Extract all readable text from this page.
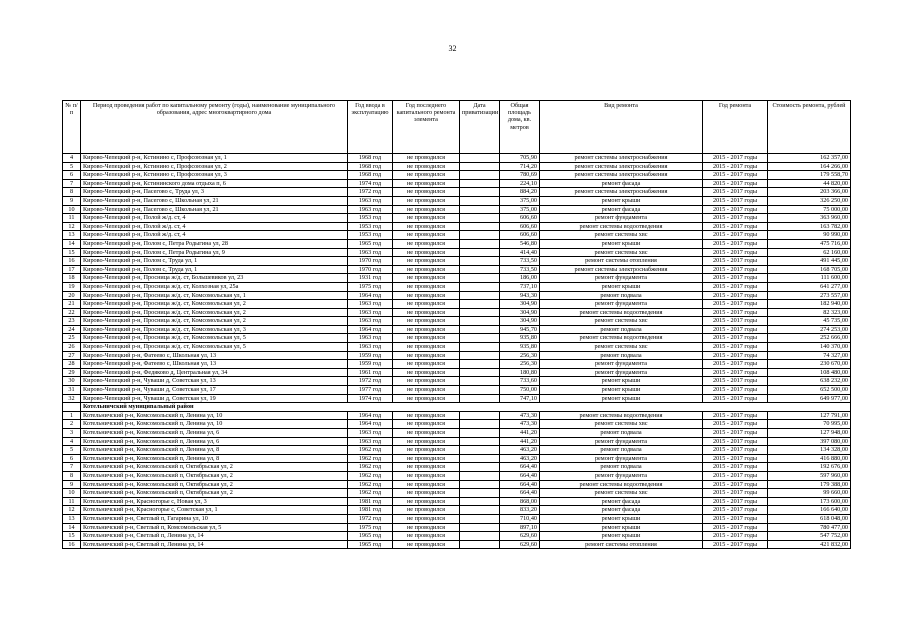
32
№ п/п	Период проведения работ по капитальному ремонту (годы), наименование муниципального образования, адрес многоквартирного дома	Год ввода в эксплуатацию	Год последнего капитального ремонта элемента	Дата приватизации	Общая площадь дома, кв. метров	Вид ремонта	Год ремонта	Стоимость ремонта, рублей
4	Кирово-Чепецкий р-н, Кстинино с, Профсоюзная ул, 1	1968 год	не проводился		705,90	ремонт системы электроснабжения	2015 - 2017 годы	162 357,00
5	Кирово-Чепецкий р-н, Кстинино с, Профсоюзная ул, 2	1968 год	не проводился		714,20	ремонт системы электроснабжения	2015 - 2017 годы	164 266,00
6	Кирово-Чепецкий р-н, Кстинино с, Профсоюзная ул, 3	1968 год	не проводился		780,69	ремонт системы электроснабжения	2015 - 2017 годы	179 558,70
7	Кирово-Чепецкий р-н, Кстининского дома отдыха п, 6	1974 год	не проводился		224,10	ремонт фасада	2015 - 2017 годы	44 820,00
8	Кирово-Чепецкий р-н, Пасегово с, Труда ул, 3	1972 год	не проводился		884,20	ремонт системы электроснабжения	2015 - 2017 годы	203 366,00
9	Кирово-Чепецкий р-н, Пасегово с, Школьная ул, 21	1963 год	не проводился		375,00	ремонт крыши	2015 - 2017 годы	326 250,00
10	Кирово-Чепецкий р-н, Пасегово с, Школьная ул, 21	1963 год	не проводился		375,00	ремонт фасада	2015 - 2017 годы	75 000,00
11	Кирово-Чепецкий р-н, Полой ж/д. ст, 4	1953 год	не проводился		606,60	ремонт фундамента	2015 - 2017 годы	363 960,00
12	Кирово-Чепецкий р-н, Полой ж/д. ст, 4	1953 год	не проводился		606,60	ремонт системы водоотведения	2015 - 2017 годы	163 782,00
13	Кирово-Чепецкий р-н, Полой ж/д. ст, 4	1953 год	не проводился		606,60	ремонт системы хвс	2015 - 2017 годы	90 990,00
14	Кирово-Чепецкий р-н, Полом с, Петра Родыгина ул, 28	1965 год	не проводился		546,80	ремонт крыши	2015 - 2017 годы	475 716,00
15	Кирово-Чепецкий р-н, Полом с, Петра Родыгина ул, 9	1963 год	не проводился		414,40	ремонт системы хвс	2015 - 2017 годы	62 160,00
16	Кирово-Чепецкий р-н, Полом с, Труда ул, 1	1970 год	не проводился		733,50	ремонт системы отопления	2015 - 2017 годы	491 445,00
17	Кирово-Чепецкий р-н, Полом с, Труда ул, 1	1970 год	не проводился		733,50	ремонт системы электроснабжения	2015 - 2017 годы	168 705,00
18	Кирово-Чепецкий р-н, Просница ж/д. ст, Большевиков ул, 23	1931 год	не проводился		186,00	ремонт фундамента	2015 - 2017 годы	111 600,00
19	Кирово-Чепецкий р-н, Просница ж/д. ст, Колхозная ул, 25а	1975 год	не проводился		737,10	ремонт крыши	2015 - 2017 годы	641 277,00
20	Кирово-Чепецкий р-н, Просница ж/д. ст, Комсомольская ул, 1	1964 год	не проводился		943,30	ремонт подвала	2015 - 2017 годы	273 557,00
21	Кирово-Чепецкий р-н, Просница ж/д. ст, Комсомольская ул, 2	1963 год	не проводился		304,90	ремонт фундамента	2015 - 2017 годы	182 940,00
22	Кирово-Чепецкий р-н, Просница ж/д. ст, Комсомольская ул, 2	1963 год	не проводился		304,90	ремонт системы водоотведения	2015 - 2017 годы	82 323,00
23	Кирово-Чепецкий р-н, Просница ж/д. ст, Комсомольская ул, 2	1963 год	не проводился		304,90	ремонт системы хвс	2015 - 2017 годы	45 735,00
24	Кирово-Чепецкий р-н, Просница ж/д. ст, Комсомольская ул, 3	1964 год	не проводился		945,70	ремонт подвала	2015 - 2017 годы	274 253,00
25	Кирово-Чепецкий р-н, Просница ж/д. ст, Комсомольская ул, 5	1963 год	не проводился		935,80	ремонт системы водоотведения	2015 - 2017 годы	252 666,00
26	Кирово-Чепецкий р-н, Просница ж/д. ст, Комсомольская ул, 5	1963 год	не проводился		935,80	ремонт системы хвс	2015 - 2017 годы	140 370,00
27	Кирово-Чепецкий р-н, Фатеево с, Школьная ул, 13	1959 год	не проводился		256,30	ремонт подвала	2015 - 2017 годы	74 327,00
28	Кирово-Чепецкий р-н, Фатеево с, Школьная ул, 13	1959 год	не проводился		256,30	ремонт фундамента	2015 - 2017 годы	230 670,00
29	Кирово-Чепецкий р-н, Федяково д, Центральная ул, 34	1961 год	не проводился		180,80	ремонт фундамента	2015 - 2017 годы	108 480,00
30	Кирово-Чепецкий р-н, Чуваши д, Советская ул, 13	1972 год	не проводился		733,60	ремонт крыши	2015 - 2017 годы	638 232,00
31	Кирово-Чепецкий р-н, Чуваши д, Советская ул, 17	1977 год	не проводился		750,00	ремонт крыши	2015 - 2017 годы	652 500,00
32	Кирово-Чепецкий р-н, Чуваши д, Советская ул, 19	1974 год	не проводился		747,10	ремонт крыши	2015 - 2017 годы	649 977,00
	Котельничский муниципальный район							
1	Котельничский р-н, Комсомольский п, Ленина ул, 10	1964 год	не проводился		473,30	ремонт системы водоотведения	2015 - 2017 годы	127 791,00
2	Котельничский р-н, Комсомольский п, Ленина ул, 10	1964 год	не проводился		473,30	ремонт системы хвс	2015 - 2017 годы	70 995,00
3	Котельничский р-н, Комсомольский п, Ленина ул, 6	1963 год	не проводился		441,20	ремонт подвала	2015 - 2017 годы	127 948,00
4	Котельничский р-н, Комсомольский п, Ленина ул, 6	1963 год	не проводился		441,20	ремонт фундамента	2015 - 2017 годы	397 080,00
5	Котельничский р-н, Комсомольский п, Ленина ул, 8	1962 год	не проводился		463,20	ремонт подвала	2015 - 2017 годы	134 328,00
6	Котельничский р-н, Комсомольский п, Ленина ул, 8	1962 год	не проводился		463,20	ремонт фундамента	2015 - 2017 годы	416 880,00
7	Котельничский р-н, Комсомольский п, Октябрьская ул, 2	1962 год	не проводился		664,40	ремонт подвала	2015 - 2017 годы	192 676,00
8	Котельничский р-н, Комсомольский п, Октябрьская ул, 2	1962 год	не проводился		664,40	ремонт фундамента	2015 - 2017 годы	597 960,00
9	Котельничский р-н, Комсомольский п, Октябрьская ул, 2	1962 год	не проводился		664,40	ремонт системы водоотведения	2015 - 2017 годы	179 388,00
10	Котельничский р-н, Комсомольский п, Октябрьская ул, 2	1962 год	не проводился		664,40	ремонт системы хвс	2015 - 2017 годы	99 660,00
11	Котельничский р-н, Красногорье с, Новая ул, 3	1981 год	не проводился		868,00	ремонт фасада	2015 - 2017 годы	173 600,00
12	Котельничский р-н, Красногорье с, Советская ул, 1	1981 год	не проводился		833,20	ремонт фасада	2015 - 2017 годы	166 640,00
13	Котельничский р-н, Светлый п, Гагарина ул, 10	1972 год	не проводился		710,40	ремонт крыши	2015 - 2017 годы	618 048,00
14	Котельничский р-н, Светлый п, Комсомольская ул, 5	1975 год	не проводился		897,10	ремонт крыши	2015 - 2017 годы	780 477,00
15	Котельничский р-н, Светлый п, Ленина ул, 14	1965 год	не проводился		629,60	ремонт крыши	2015 - 2017 годы	547 752,00
16	Котельничский р-н, Светлый п, Ленина ул, 14	1965 год	не проводился		629,60	ремонт системы отопления	2015 - 2017 годы	421 832,00
